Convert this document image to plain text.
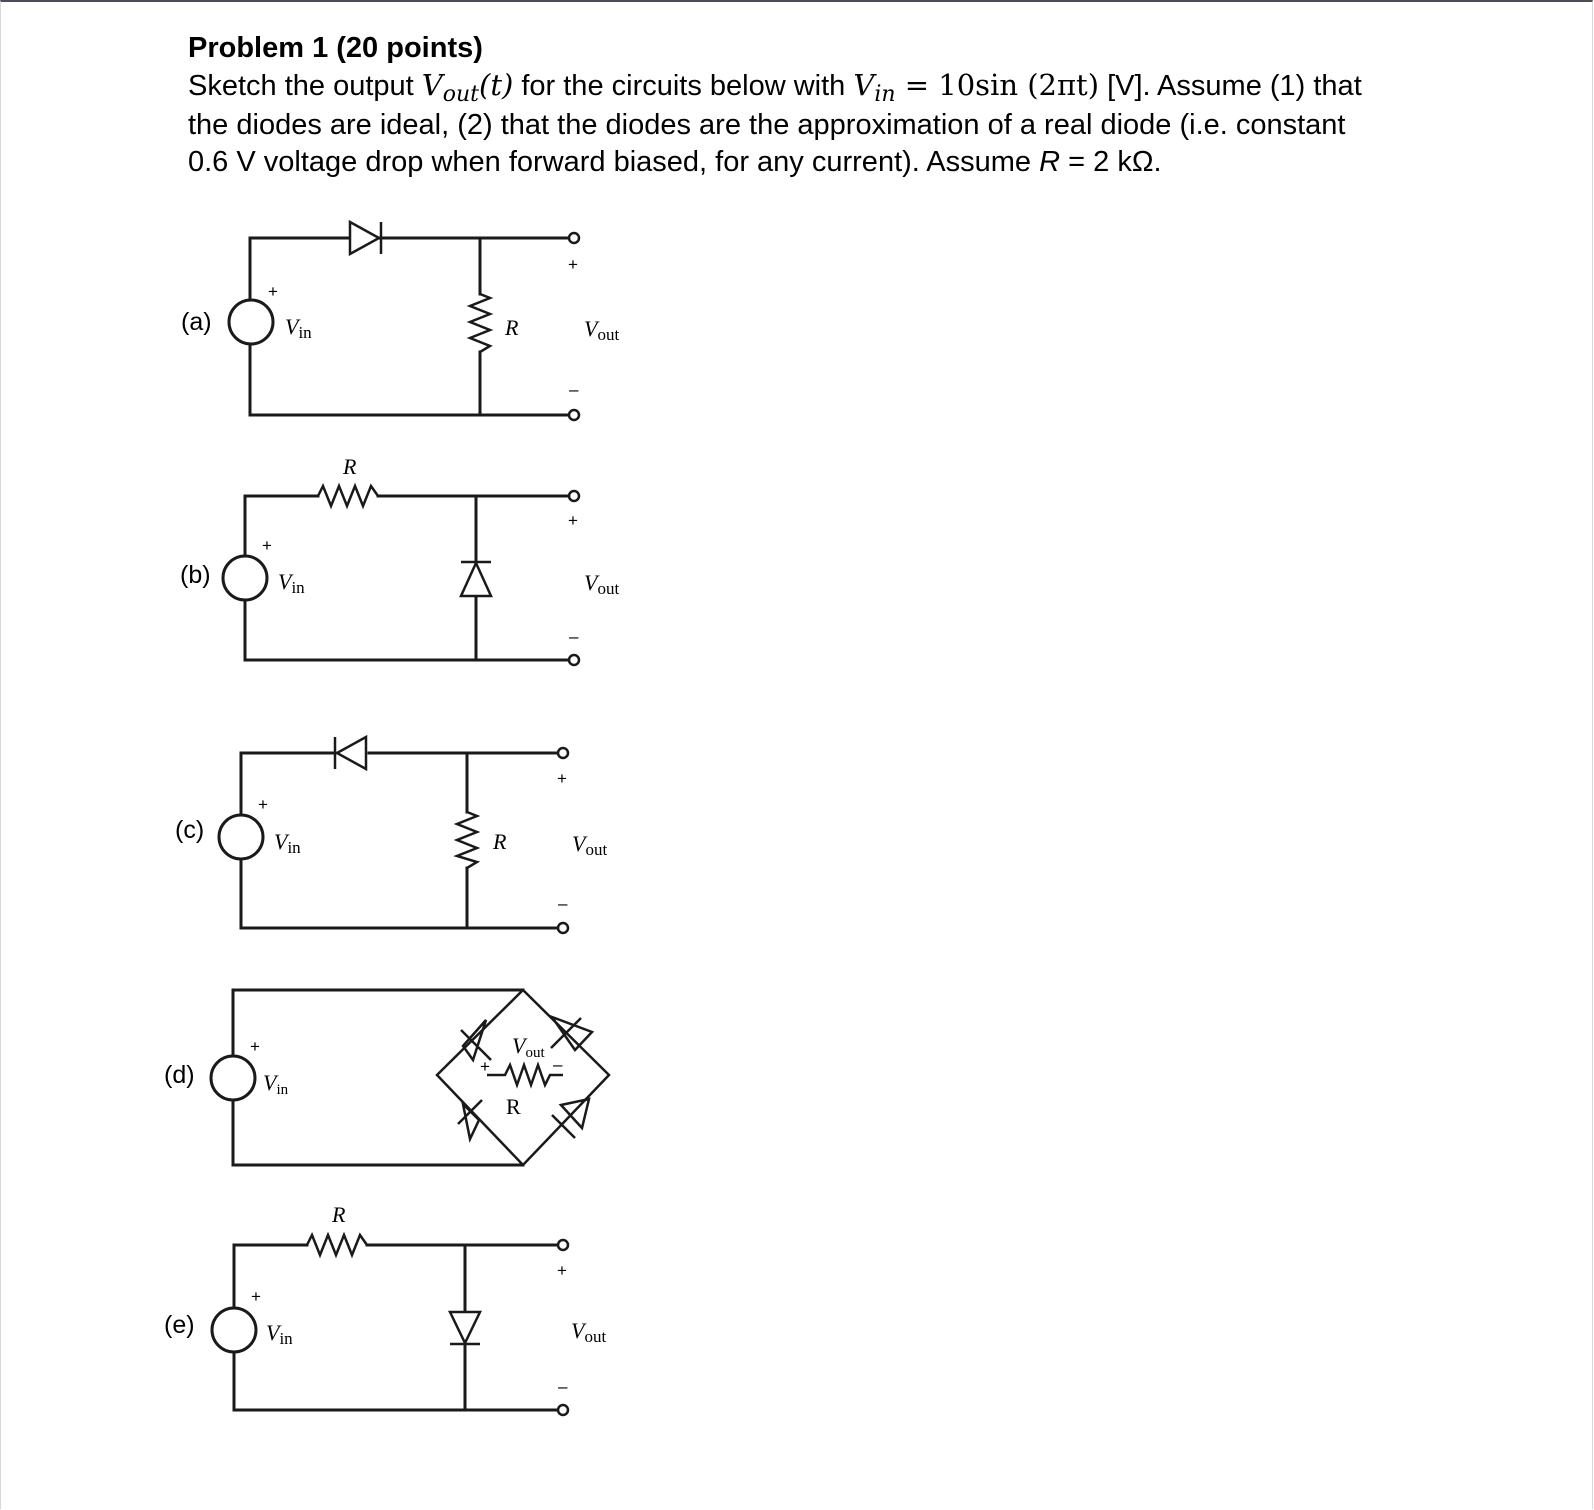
Problem 1 (20 points)
Sketch the output $V_{out}(t)$ for the circuits below with $V_{in} = 10\sin$ (2πt) [V]. Assume (1) that
the diodes are ideal, (2) that the diodes are the approximation of a real diode (i.e. constant
0.6 V voltage drop when forward biased, for any current). Assume R = 2 kΩ.
(a)
+
Vin	R
+
Vout
–
(b)
R
+
Vin
+
Vout
–
(c)
+
Vin	R
+
Vout
–
(d)
+
Vin
Vout
+	–
R
(e)
R
+
Vin
+
Vout
–
